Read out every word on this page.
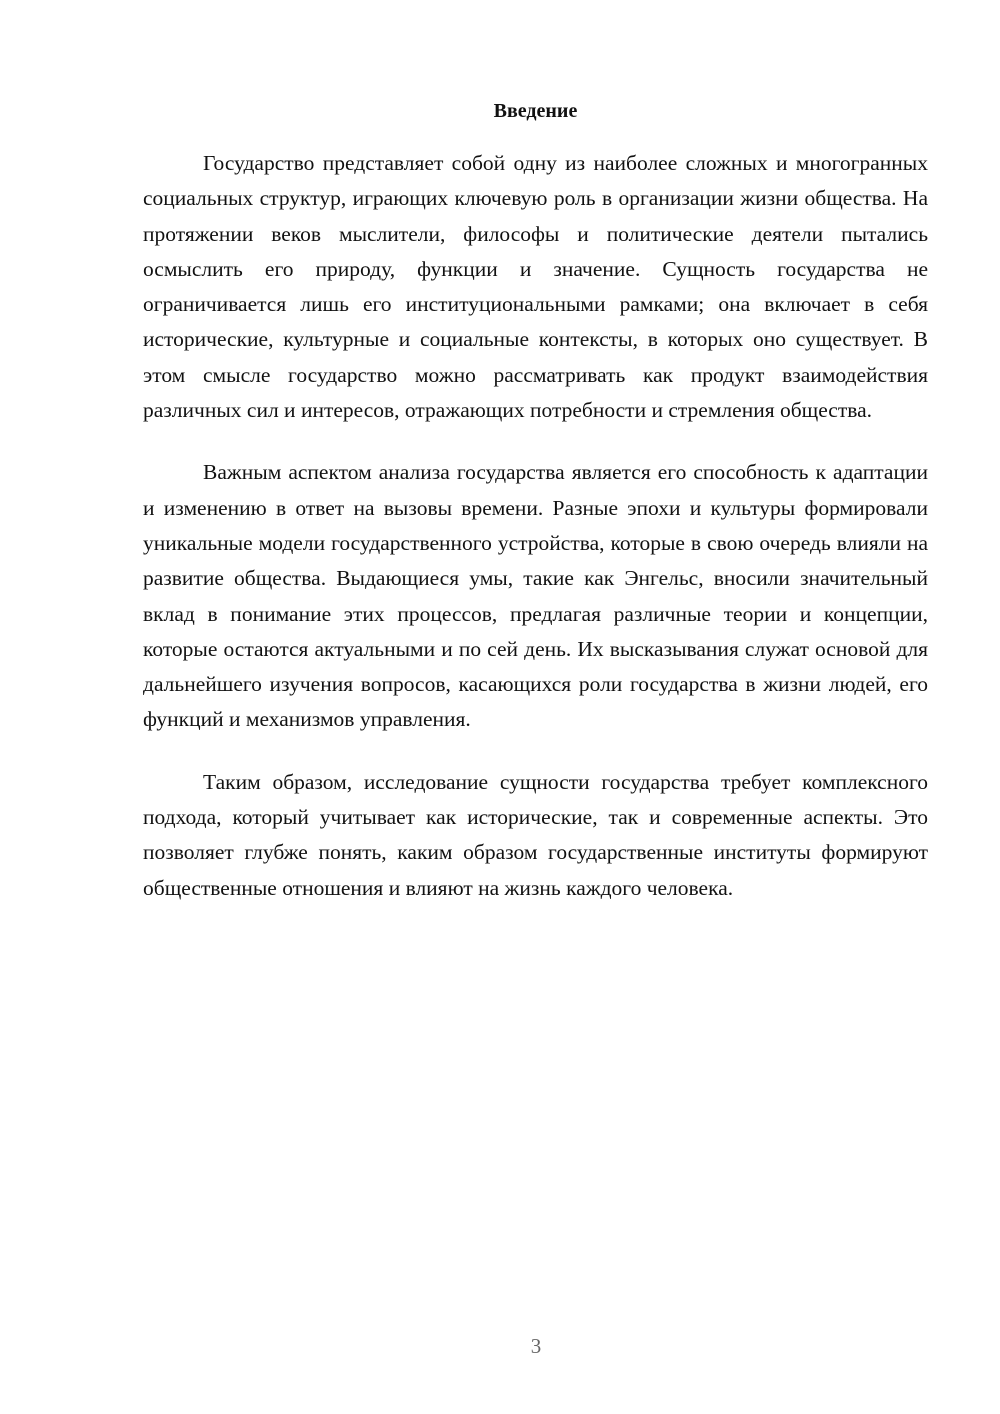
Введение

Государство представляет собой одну из наиболее сложных и многогранных социальных структур, играющих ключевую роль в организации жизни общества. На протяжении веков мыслители, философы и политические деятели пытались осмыслить его природу, функции и значение. Сущность государства не ограничивается лишь его институциональными рамками; она включает в себя исторические, культурные и социальные контексты, в которых оно существует. В этом смысле государство можно рассматривать как продукт взаимодействия различных сил и интересов, отражающих потребности и стремления общества.

Важным аспектом анализа государства является его способность к адаптации и изменению в ответ на вызовы времени. Разные эпохи и культуры формировали уникальные модели государственного устройства, которые в свою очередь влияли на развитие общества. Выдающиеся умы, такие как Энгельс, вносили значительный вклад в понимание этих процессов, предлагая различные теории и концепции, которые остаются актуальными и по сей день. Их высказывания служат основой для дальнейшего изучения вопросов, касающихся роли государства в жизни людей, его функций и механизмов управления.

Таким образом, исследование сущности государства требует комплексного подхода, который учитывает как исторические, так и современные аспекты. Это позволяет глубже понять, каким образом государственные институты формируют общественные отношения и влияют на жизнь каждого человека.

3
